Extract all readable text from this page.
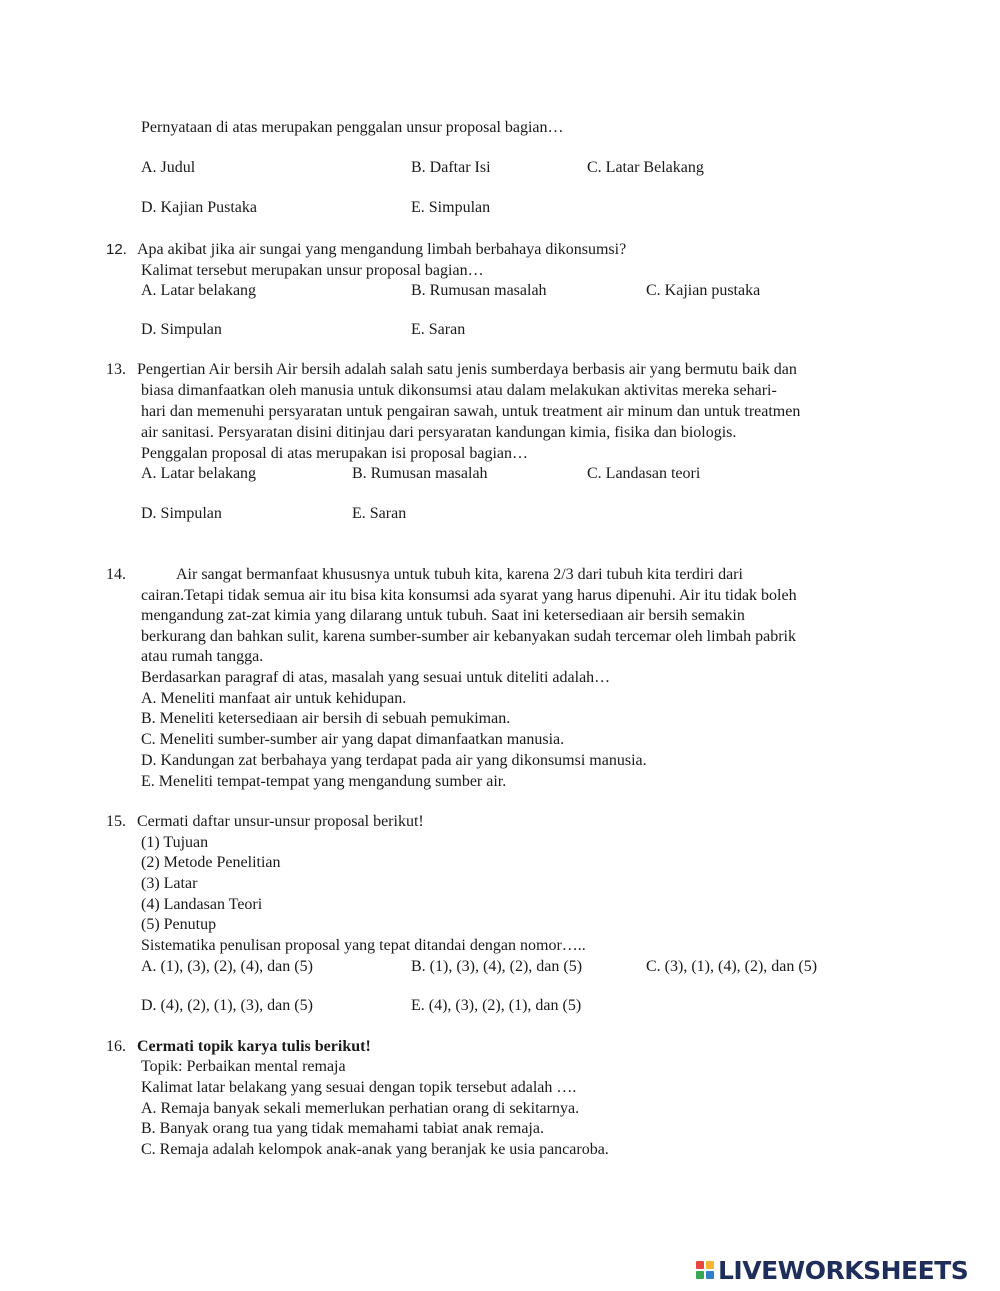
Pernyataan di atas merupakan penggalan unsur proposal bagian…
A. Judul	B. Daftar Isi	C. Latar Belakang
D. Kajian Pustaka	E. Simpulan
12. Apa akibat jika air sungai yang mengandung limbah berbahaya dikonsumsi?
Kalimat tersebut merupakan unsur proposal bagian…
A. Latar belakang	B. Rumusan masalah	C. Kajian pustaka
D. Simpulan	E. Saran
13. Pengertian Air bersih Air bersih adalah salah satu jenis sumberdaya berbasis air yang bermutu baik dan
biasa dimanfaatkan oleh manusia untuk dikonsumsi atau dalam melakukan aktivitas mereka sehari-
hari dan memenuhi persyaratan untuk pengairan sawah, untuk treatment air minum dan untuk treatmen
air sanitasi. Persyaratan disini ditinjau dari persyaratan kandungan kimia, fisika dan biologis.
Penggalan proposal di atas merupakan isi proposal bagian…
A. Latar belakang	B. Rumusan masalah	C. Landasan teori
D. Simpulan	E. Saran
14.	Air sangat bermanfaat khususnya untuk tubuh kita, karena 2/3 dari tubuh kita terdiri dari
cairan.Tetapi tidak semua air itu bisa kita konsumsi ada syarat yang harus dipenuhi. Air itu tidak boleh
mengandung zat-zat kimia yang dilarang untuk tubuh. Saat ini ketersediaan air bersih semakin
berkurang dan bahkan sulit, karena sumber-sumber air kebanyakan sudah tercemar oleh limbah pabrik
atau rumah tangga.
Berdasarkan paragraf di atas, masalah yang sesuai untuk diteliti adalah…
A. Meneliti manfaat air untuk kehidupan.
B. Meneliti ketersediaan air bersih di sebuah pemukiman.
C. Meneliti sumber-sumber air yang dapat dimanfaatkan manusia.
D. Kandungan zat berbahaya yang terdapat pada air yang dikonsumsi manusia.
E. Meneliti tempat-tempat yang mengandung sumber air.
15. Cermati daftar unsur-unsur proposal berikut!
(1) Tujuan
(2) Metode Penelitian
(3) Latar
(4) Landasan Teori
(5) Penutup
Sistematika penulisan proposal yang tepat ditandai dengan nomor…..
A. (1), (3), (2), (4), dan (5)	B. (1), (3), (4), (2), dan (5)	C. (3), (1), (4), (2), dan (5)
D. (4), (2), (1), (3), dan (5)	E. (4), (3), (2), (1), dan (5)
16. Cermati topik karya tulis berikut!
Topik: Perbaikan mental remaja
Kalimat latar belakang yang sesuai dengan topik tersebut adalah ….
A. Remaja banyak sekali memerlukan perhatian orang di sekitarnya.
B. Banyak orang tua yang tidak memahami tabiat anak remaja.
C. Remaja adalah kelompok anak-anak yang beranjak ke usia pancaroba.
LIVEWORKSHEETS
